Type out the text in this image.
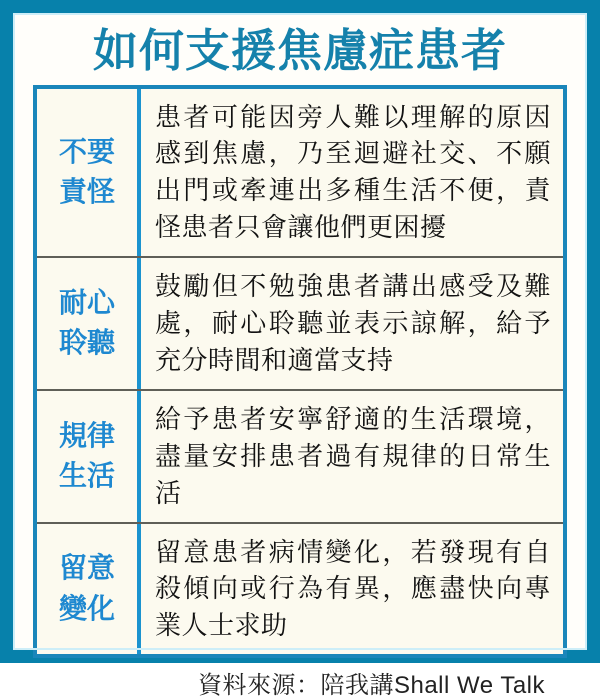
如何支援焦慮症患者
不要責怪
患者可能因旁人難以理解的原因感到焦慮，乃至迴避社交、不願出門或牽連出多種生活不便，責怪患者只會讓他們更困擾
耐心聆聽
鼓勵但不勉強患者講出感受及難處，耐心聆聽並表示諒解，給予充分時間和適當支持
規律生活
給予患者安寧舒適的生活環境，盡量安排患者過有規律的日常生活
留意變化
留意患者病情變化，若發現有自殺傾向或行為有異，應盡快向專業人士求助
資料來源：陪我講Shall We Talk
